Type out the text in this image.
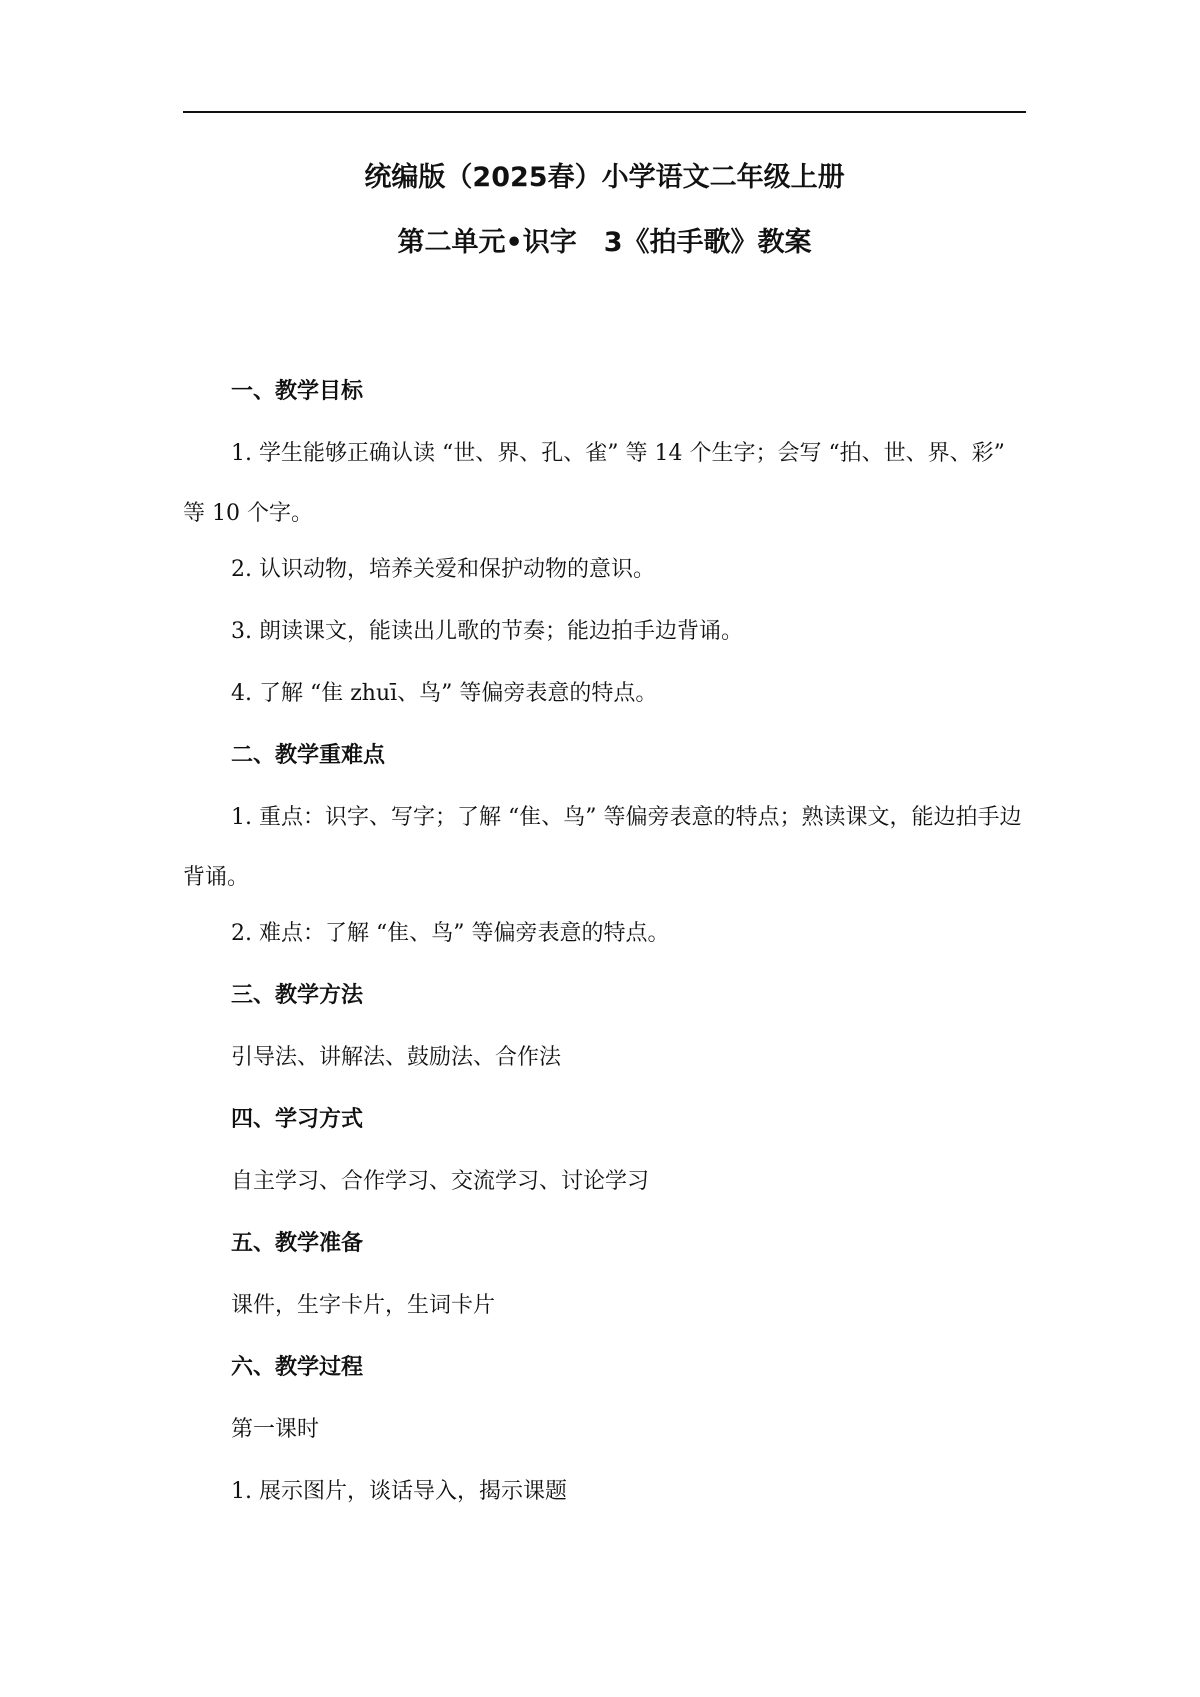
统编版（2025春）小学语文二年级上册
第二单元•识字　3《拍手歌》教案
一、教学目标
1. 学生能够正确认读 “世、界、孔、雀” 等 14 个生字；会写 “拍、世、界、彩” 等 10 个字。
2. 认识动物，培养关爱和保护动物的意识。
3. 朗读课文，能读出儿歌的节奏；能边拍手边背诵。
4. 了解 “隹 zhuī、鸟” 等偏旁表意的特点。
二、教学重难点
1. 重点：识字、写字；了解 “隹、鸟” 等偏旁表意的特点；熟读课文，能边拍手边背诵。
2. 难点：了解 “隹、鸟” 等偏旁表意的特点。
三、教学方法
引导法、讲解法、鼓励法、合作法
四、学习方式
自主学习、合作学习、交流学习、讨论学习
五、教学准备
课件，生字卡片，生词卡片
六、教学过程
第一课时
1. 展示图片，谈话导入，揭示课题
